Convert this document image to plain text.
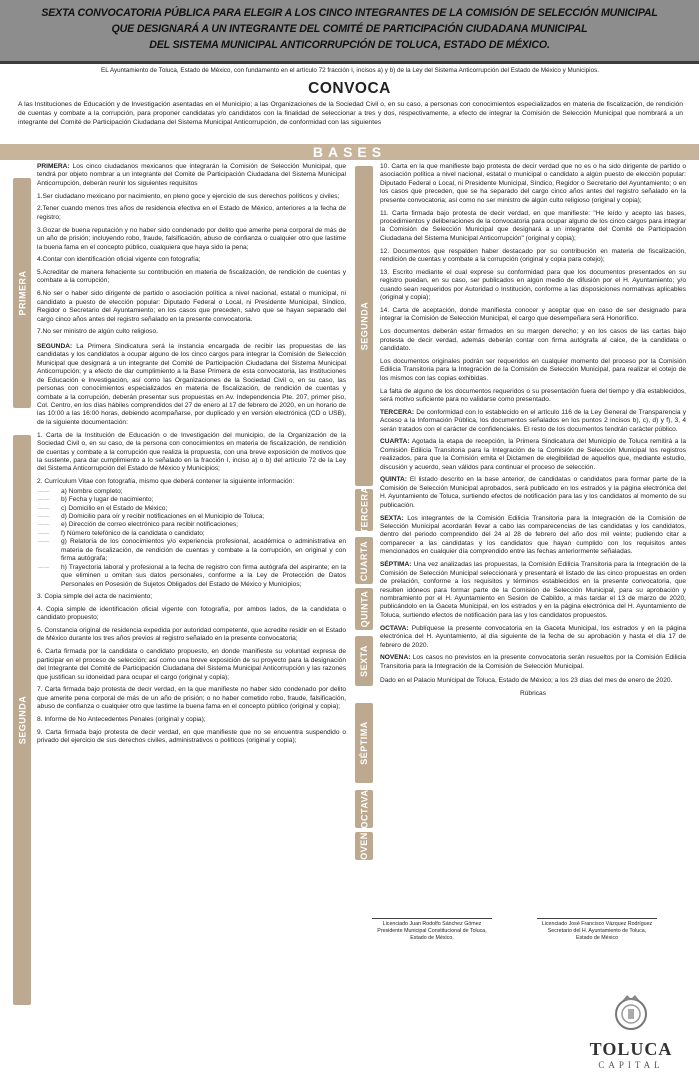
SEXTA CONVOCATORIA PÚBLICA PARA ELEGIR A LOS CINCO INTEGRANTES DE LA COMISIÓN DE SELECCIÓN MUNICIPAL
QUE DESIGNARÁ A UN INTEGRANTE DEL COMITÉ DE PARTICIPACIÓN CIUDADANA MUNICIPAL
DEL SISTEMA MUNICIPAL ANTICORRUPCIÓN DE TOLUCA, ESTADO DE MÉXICO.
EL Ayuntamiento de Toluca, Estado de México, con fundamento en el artículo 72 fracción I, incisos a) y b) de la Ley del Sistema Anticorrupción del Estado de México y Municipios.
CONVOCA
A las Instituciones de Educación y de Investigación asentadas en el Municipio; a las Organizaciones de la Sociedad Civil o, en su caso, a personas con conocimientos especializados en materia de fiscalización, de rendición de cuentas y combate a la corrupción, para proponer candidatas y/o candidatos con la finalidad de seleccionar a tres y dos, respectivamente, a efecto de integrar la Comisión de Selección Municipal que nombrará a un integrante del Comité de Participación Ciudadana del Sistema Municipal Anticorrupción, de conformidad con las siguientes
BASES
PRIMERA
SEGUNDA
SEGUNDA
TERCERA
CUARTA
QUINTA
SEXTA
SÉPTIMA
OCTAVA
NOVENA

PRIMERA: Los cinco ciudadanos mexicanos que integrarán la Comisión de Selección Municipal, que tendrá por objeto nombrar a un integrante del Comité de Participación Ciudadana del Sistema Municipal Anticorrupción, deberán reunir los siguientes requisitos

1.Ser ciudadano mexicano por nacimiento, en pleno goce y ejercicio de sus derechos políticos y civiles;

2.Tener cuando menos tres años de residencia efectiva en el Estado de México, anteriores a la fecha de registro;

3.Gozar de buena reputación y no haber sido condenado por delito que amerite pena corporal de más de un año de prisión; incluyendo robo, fraude, falsificación, abuso de confianza o cualquier otro que lastime la buena fama en el concepto público, cualquiera que haya sido la pena;

4.Contar con identificación oficial vigente con fotografía;

5.Acreditar de manera fehaciente su contribución en materia de fiscalización, de rendición de cuentas y combate a la corrupción;

6.No ser o haber sido dirigente de partido o asociación política a nivel nacional, estatal o municipal, ni candidato a puesto de elección popular: Diputado Federal o Local, ni Presidente Municipal, Síndico, Regidor o Secretario del Ayuntamiento; en los casos que preceden, salvo que se hayan separado del cargo cinco años antes del registro señalado en la presente convocatoria.

7.No ser ministro de algún culto religioso.

SEGUNDA: La Primera Sindicatura será la instancia encargada de recibir las propuestas de las candidatas y los candidatos a ocupar alguno de los cinco cargos para integrar la Comisión de Selección Municipal que designará a un integrante del Comité de Participación Ciudadana del Sistema Municipal Anticorrupción; y a efecto de dar cumplimiento a la Base Primera de esta convocatoria, las Instituciones de Educación e Investigación, así como las Organizaciones de la Sociedad Civil o, en su caso, las personas con conocimientos especializados en materia de fiscalización, de rendición de cuentas y combate a la corrupción, deberán presentar sus propuestas en Av. Independencia Pte. 207, primer piso, Col. Centro, en los días hábiles comprendidos del 27 de enero al 17 de febrero de 2020, en un horario de las 10:00 a las 16:00 horas, debiendo acompañarse, por duplicado y en versión electrónica (CD o USB), de la siguiente documentación:

1. Carta de la Institución de Educación o de Investigación del municipio, de la Organización de la Sociedad Civil o, en su caso, de la persona con conocimientos en materia de fiscalización, de rendición de cuentas y combate a la corrupción que realiza la propuesta, con una breve exposición de motivos que la sustente, para dar cumplimiento a lo señalado en la fracción I, inciso a) o b) del artículo 72 de la Ley del Sistema Anticorrupción del Estado de México y Municipios;

2. Currículum Vitae con fotografía, mismo que deberá contener la siguiente información:

····· a) Nombre completo;

····· b) Fecha y lugar de nacimiento;

····· c) Domicilio en el Estado de México;

····· d) Domicilio para oír y recibir notificaciones en el Municipio de Toluca;

····· e) Dirección de correo electrónico para recibir notificaciones;

····· f) Número telefónico de la candidata o candidato;

····· g) Relatoría de los conocimientos y/o experiencia profesional, académica o administrativa en materia de fiscalización, de rendición de cuentas y combate a la corrupción, en original y con firma autógrafa;

····· h) Trayectoria laboral y profesional a la fecha de registro con firma autógrafa del aspirante; en la que eliminen u omitan sus datos personales, conforme a la Ley de Protección de Datos Personales en Posesión de Sujetos Obligados del Estado de México y Municipios;

3. Copia simple del acta de nacimiento;

4. Copia simple de identificación oficial vigente con fotografía, por ambos lados, de la candidata o candidato propuesto;

5. Constancia original de residencia expedida por autoridad competente, que acredite residir en el Estado de México durante los tres años previos al registro señalado en la presente convocatoria;

6. Carta firmada por la candidata o candidato propuesto, en donde manifieste su voluntad expresa de participar en el proceso de selección; así como una breve exposición de su proyecto para la designación del Integrante del Comité de Participación Ciudadana del Sistema Municipal Anticorrupción y las razones que justifican su idoneidad para ocupar el cargo (original y copia);

7. Carta firmada bajo protesta de decir verdad, en la que manifieste no haber sido condenado por delito que amerite pena corporal de más de un año de prisión; o no haber cometido robo, fraude, falsificación, abuso de confianza o cualquier otro que lastime la buena fama en el concepto público (original y copia);

8. Informe de No Antecedentes Penales (original y copia);

9. Carta firmada bajo protesta de decir verdad, en que manifieste que no se encuentra suspendido o privado del ejercicio de sus derechos civiles, administrativos o políticos (original y copia);

10. Carta en la que manifieste bajo protesta de decir verdad que no es o ha sido dirigente de partido o asociación política a nivel nacional, estatal o municipal o candidato a algún puesto de elección popular: Diputado Federal o Local, ni Presidente Municipal, Síndico, Regidor o Secretario del Ayuntamiento; o en los casos que preceden, que se ha separado del cargo cinco años antes del registro señalado en la presente convocatoria; así como no ser ministro de algún culto religioso (original y copia);

11. Carta firmada bajo protesta de decir verdad, en que manifieste: "He leído y acepto las bases, procedimientos y deliberaciones de la convocatoria para ocupar alguno de los cinco cargos para integrar la Comisión de Selección Municipal que designará a un integrante del Comité de Participación Ciudadana del Sistema Municipal Anticorrupción" (original y copia);

12. Documentos que respalden haber destacado por su contribución en materia de fiscalización, rendición de cuentas y combate a la corrupción (original y copia para cotejo);

13. Escrito mediante el cual exprese su conformidad para que los documentos presentados en su registro puedan, en su caso, ser publicados en algún medio de difusión por el H. Ayuntamiento; y/o cuando sean requeridos por Autoridad o Institución, conforme a las disposiciones normativas aplicables (original y copia);

14. Carta de aceptación, donde manifiesta conocer y aceptar que en caso de ser designado para integrar la Comisión de Selección Municipal, el cargo que desempeñara será Honorífico.

Los documentos deberán estar firmados en su margen derecho; y en los casos de las cartas bajo protesta de decir verdad, además deberán contar con firma autógrafa al calce, de la candidata o candidato.

Los documentos originales podrán ser requeridos en cualquier momento del proceso por la Comisión Edilicia Transitoria para la Integración de la Comisión de Selección Municipal, para realizar el cotejo de los mismos con las copias exhibidas.

La falta de alguno de los documentos requeridos o su presentación fuera del tiempo y día establecidos, será motivo suficiente para no validarse como presentado.

TERCERA: De conformidad con lo establecido en el artículo 116 de la Ley General de Transparencia y Acceso a la Información Pública, los documentos señalados en los puntos 2 incisos b), c), d) y f), 3, 4 serán tratados con el carácter de confidenciales. El resto de los documentos tendrán carácter público.

CUARTA: Agotada la etapa de recepción, la Primera Sindicatura del Municipio de Toluca remitirá a la Comisión Edilicia Transitoria para la Integración de la Comisión de Selección Municipal los registros realizados, para que la Comisión emita el Dictamen de elegibilidad de aquellos que, mediante estudio, discusión y acuerdo, sean válidos para continuar el proceso de selección.

QUINTA: El listado descrito en la base anterior, de candidatas o candidatos para formar parte de la Comisión de Selección Municipal aprobados, será publicado en los estrados y la página electrónica del H. Ayuntamiento de Toluca, surtiendo efectos de notificación para las y los candidatos al momento de su publicación.

SEXTA: Los integrantes de la Comisión Edilicia Transitoria para la Integración de la Comisión de Selección Municipal acordarán llevar a cabo las comparecencias de las candidatas y los candidatos, dentro del periodo comprendido del 24 al 28 de febrero del año dos mil veinte; pudiendo citar a comparecer a las candidatas y los candidatos que hayan cumplido con los requisitos antes mencionados en cualquier día comprendido entre las fechas anteriormente señaladas.

SÉPTIMA: Una vez analizadas las propuestas, la Comisión Edilicia Transitoria para la Integración de la Comisión de Selección Municipal seleccionará y presentará el listado de las cinco propuestas en orden de prelación, conforme a los requisitos y términos establecidos en la presente convocatoria, que resulten idóneos para formar parte de la Comisión de Selección Municipal, para su aprobación y nombramiento por el H. Ayuntamiento en Sesión de Cabildo, a más tardar el 13 de marzo de 2020, publicándolo en la Gaceta Municipal, en los estrados y en la página electrónica del H. Ayuntamiento de Toluca, surtiendo efectos de notificación para las y los candidatos propuestos.

OCTAVA: Publíquese la presente convocatoria en la Gaceta Municipal, los estrados y en la página electrónica del H. Ayuntamiento, al día siguiente de la fecha de su aprobación y hasta el día 17 de febrero de 2020.

NOVENA: Los casos no previstos en la presente convocatoria serán resueltos por la Comisión Edilicia Transitoria para la Integración de la Comisión de Selección Municipal.

Dado en el Palacio Municipal de Toluca, Estado de México; a los 23 días del mes de enero de 2020.

Rúbricas

Licenciado Juan Rodolfo Sánchez Gómez
Presidente Municipal Constitucional de Toluca,
Estado de México.
Licenciado José Francisco Vázquez Rodríguez
Secretario del H. Ayuntamiento de Toluca,
Estado de México
TOLUCA
CAPITAL
